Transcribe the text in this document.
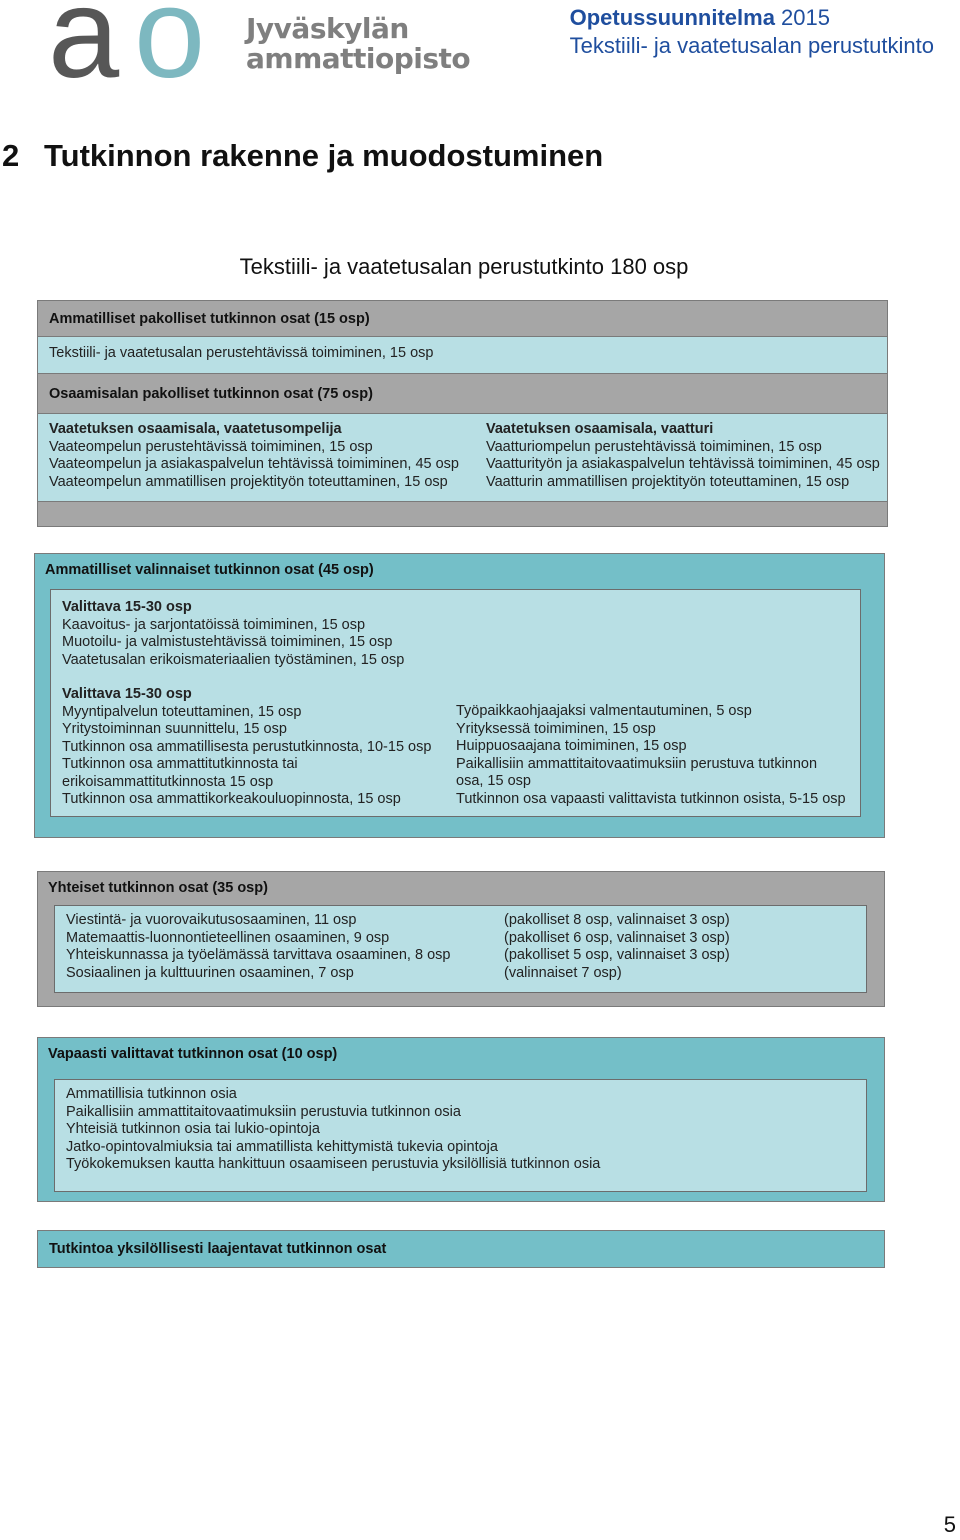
a o Jyväskylän
ammattiopisto
Opetussuunnitelma 2015
Tekstiili- ja vaatetusalan perustutkinto
2 Tutkinnon rakenne ja muodostuminen
Tekstiili- ja vaatetusalan perustutkinto 180 osp
Ammatilliset pakolliset tutkinnon osat (15 osp)
Tekstiili- ja vaatetusalan perustehtävissä toimiminen, 15 osp
Osaamisalan pakolliset tutkinnon osat (75 osp)
Vaatetuksen osaamisala, vaatetusompelija
Vaateompelun perustehtävissä toimiminen, 15 osp
Vaateompelun ja asiakaspalvelun tehtävissä toimiminen, 45 osp
Vaateompelun ammatillisen projektityön toteuttaminen, 15 osp
Vaatetuksen osaamisala, vaatturi
Vaatturiompelun perustehtävissä toimiminen, 15 osp
Vaatturityön ja asiakaspalvelun tehtävissä toimiminen, 45 osp
Vaatturin ammatillisen projektityön toteuttaminen, 15 osp
Ammatilliset valinnaiset tutkinnon osat (45 osp)
Valittava 15-30 osp
Kaavoitus- ja sarjontatöissä toimiminen, 15 osp
Muotoilu- ja valmistustehtävissä toimiminen, 15 osp
Vaatetusalan erikoismateriaalien työstäminen, 15 osp
Valittava 15-30 osp
Myyntipalvelun toteuttaminen, 15 osp
Yritystoiminnan suunnittelu, 15 osp
Tutkinnon osa ammatillisesta perustutkinnosta, 10-15 osp
Tutkinnon osa ammattitutkinnosta tai
erikoisammattitutkinnosta 15 osp
Tutkinnon osa ammattikorkeakouluopinnosta, 15 osp
Työpaikkaohjaajaksi valmentautuminen, 5 osp
Yrityksessä toimiminen, 15 osp
Huippuosaajana toimiminen, 15 osp
Paikallisiin ammattitaitovaatimuksiin perustuva tutkinnon
osa, 15 osp
Tutkinnon osa vapaasti valittavista tutkinnon osista, 5-15 osp
Yhteiset tutkinnon osat (35 osp)
Viestintä- ja vuorovaikutusosaaminen, 11 osp
Matemaattis-luonnontieteellinen osaaminen, 9 osp
Yhteiskunnassa ja työelämässä tarvittava osaaminen, 8 osp
Sosiaalinen ja kulttuurinen osaaminen, 7 osp
(pakolliset 8 osp, valinnaiset 3 osp)
(pakolliset 6 osp, valinnaiset 3 osp)
(pakolliset 5 osp, valinnaiset 3 osp)
(valinnaiset 7 osp)
Vapaasti valittavat tutkinnon osat (10 osp)
Ammatillisia tutkinnon osia
Paikallisiin ammattitaitovaatimuksiin perustuvia tutkinnon osia
Yhteisiä tutkinnon osia tai lukio-opintoja
Jatko-opintovalmiuksia tai ammatillista kehittymistä tukevia opintoja
Työkokemuksen kautta hankittuun osaamiseen perustuvia yksilöllisiä tutkinnon osia
Tutkintoa yksilöllisesti laajentavat tutkinnon osat
5
